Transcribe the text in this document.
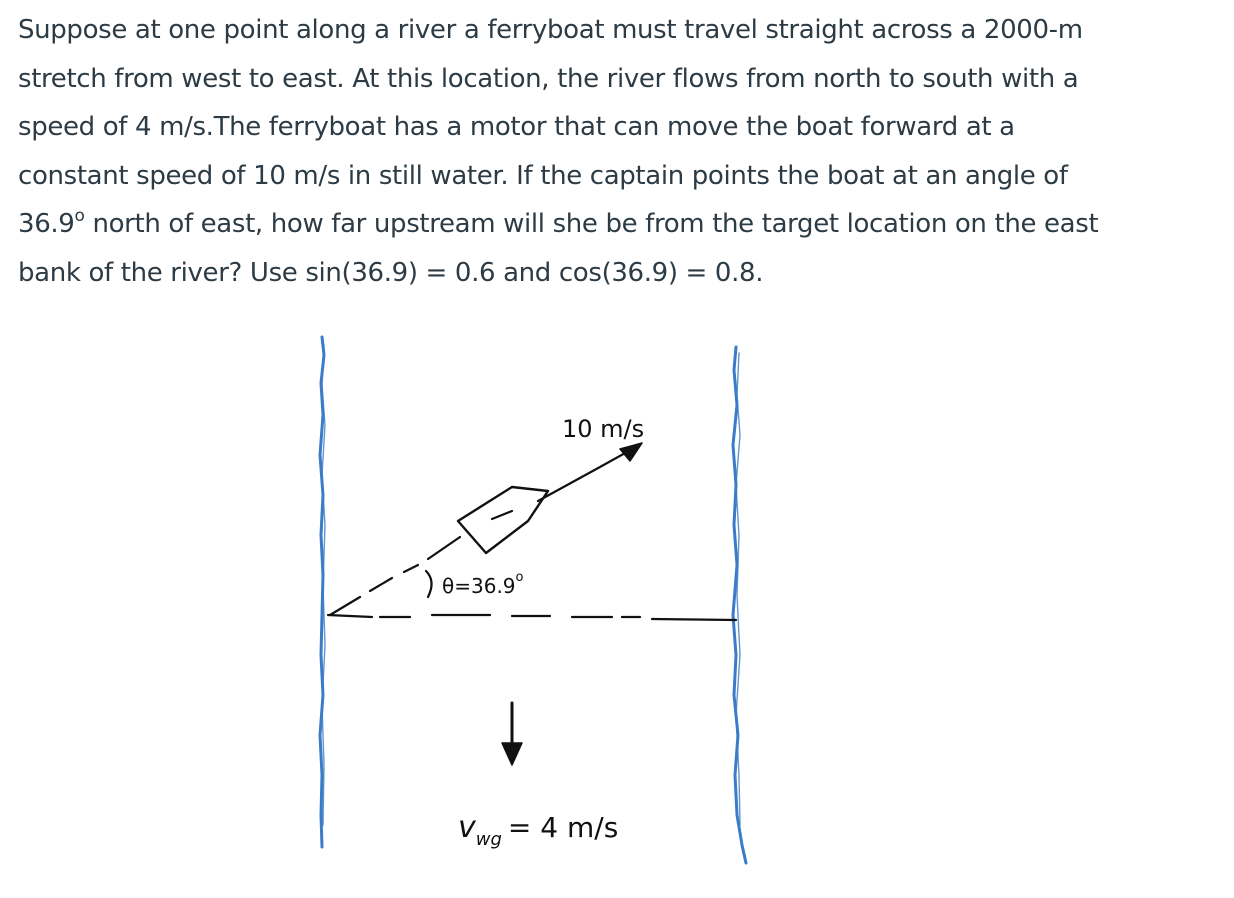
Suppose at one point along a river a ferryboat must travel straight across a 2000-m
stretch from west to east. At this location, the river flows from north to south with a
speed of 4 m/s.The ferryboat has a motor that can move the boat forward at a
constant speed of 10 m/s in still water. If the captain points the boat at an angle of
36.9$^o$ north of east, how far upstream will she be from the target location on the east
bank of the river? Use sin(36.9) = 0.6 and cos(36.9) = 0.8.
10 m/s
$\theta=36.9^o$
$v_{wg} = 4$ m/s
